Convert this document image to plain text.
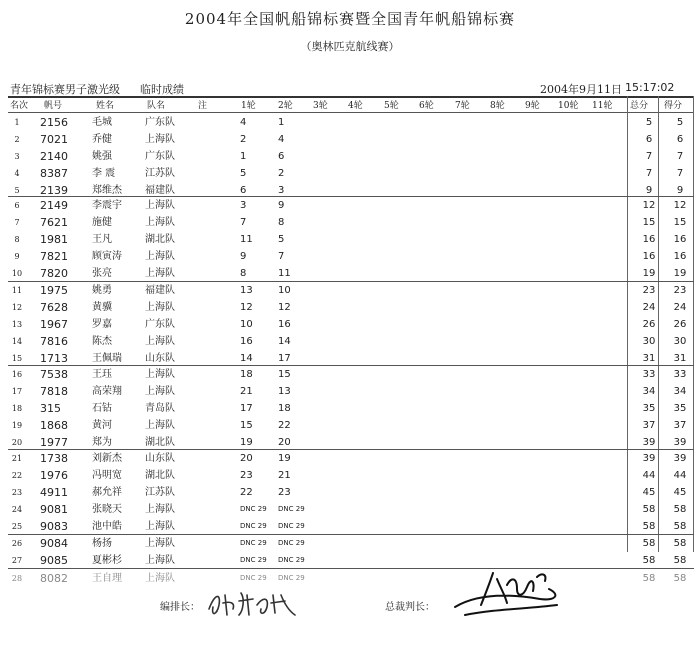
2004年全国帆船锦标赛暨全国青年帆船锦标赛
（奥林匹克航线赛）
青年锦标赛男子激光级 临时成绩	2004年9月11日 15:17:02
名次 帆号	姓名	队名	注	1轮 2轮 3轮 4轮 5轮 6轮 7轮 8轮 9轮 10轮 11轮 总分 得分
1	2156 毛城	广东队	4	1	5	5
2	7021 乔健	上海队	2	4	6	6
3	2140 姚强	广东队	1	6	7	7
4	8387 李 震	江苏队	5	2	7	7
5	2139 郑维杰 福建队	6	3	9	9
6	2149 李震宇 上海队	3	9	12	12
7	7621 施健	上海队	7	8	15	15
8	1981 王凡	湖北队	11	5	16	16
9	7821 顾寅涛 上海队	9	7	16	16
10	7820 张亮	上海队	8	11	19	19
11	1975 姚勇	福建队	13	10	23	23
12	7628 黄骥	上海队	12	12	24	24
13	1967 罗嘉	广东队	10	16	26	26
14	7816 陈杰	上海队	16	14	30	30
15	1713 王佩瑞 山东队	14	17	31	31
16	7538 王珏	上海队	18	15	33	33
17	7818 高荣翔 上海队	21	13	34	34
18	315	石钴	青岛队	17	18	35	35
19	1868 黄河	上海队	15	22	37	37
20	1977 郑为	湖北队	19	20	39	39
21	1738 刘新杰 山东队	20	19	39	39
22	1976 冯明宽 湖北队	23	21	44	44
23	4911 郝允祥 江苏队	22	23	45	45
24	9081 张晓天 上海队	DNC 29 DNC 29	58	58
25	9083 池中皓 上海队	DNC 29 DNC 29	58	58
26	9084 杨扬	上海队	DNC 29 DNC 29	58	58
27	9085 夏彬杉 上海队	DNC 29 DNC 29	58	58
28	8082 王自理 上海队	DNC 29 DNC 29	58	58
编排长：	总裁判长：
